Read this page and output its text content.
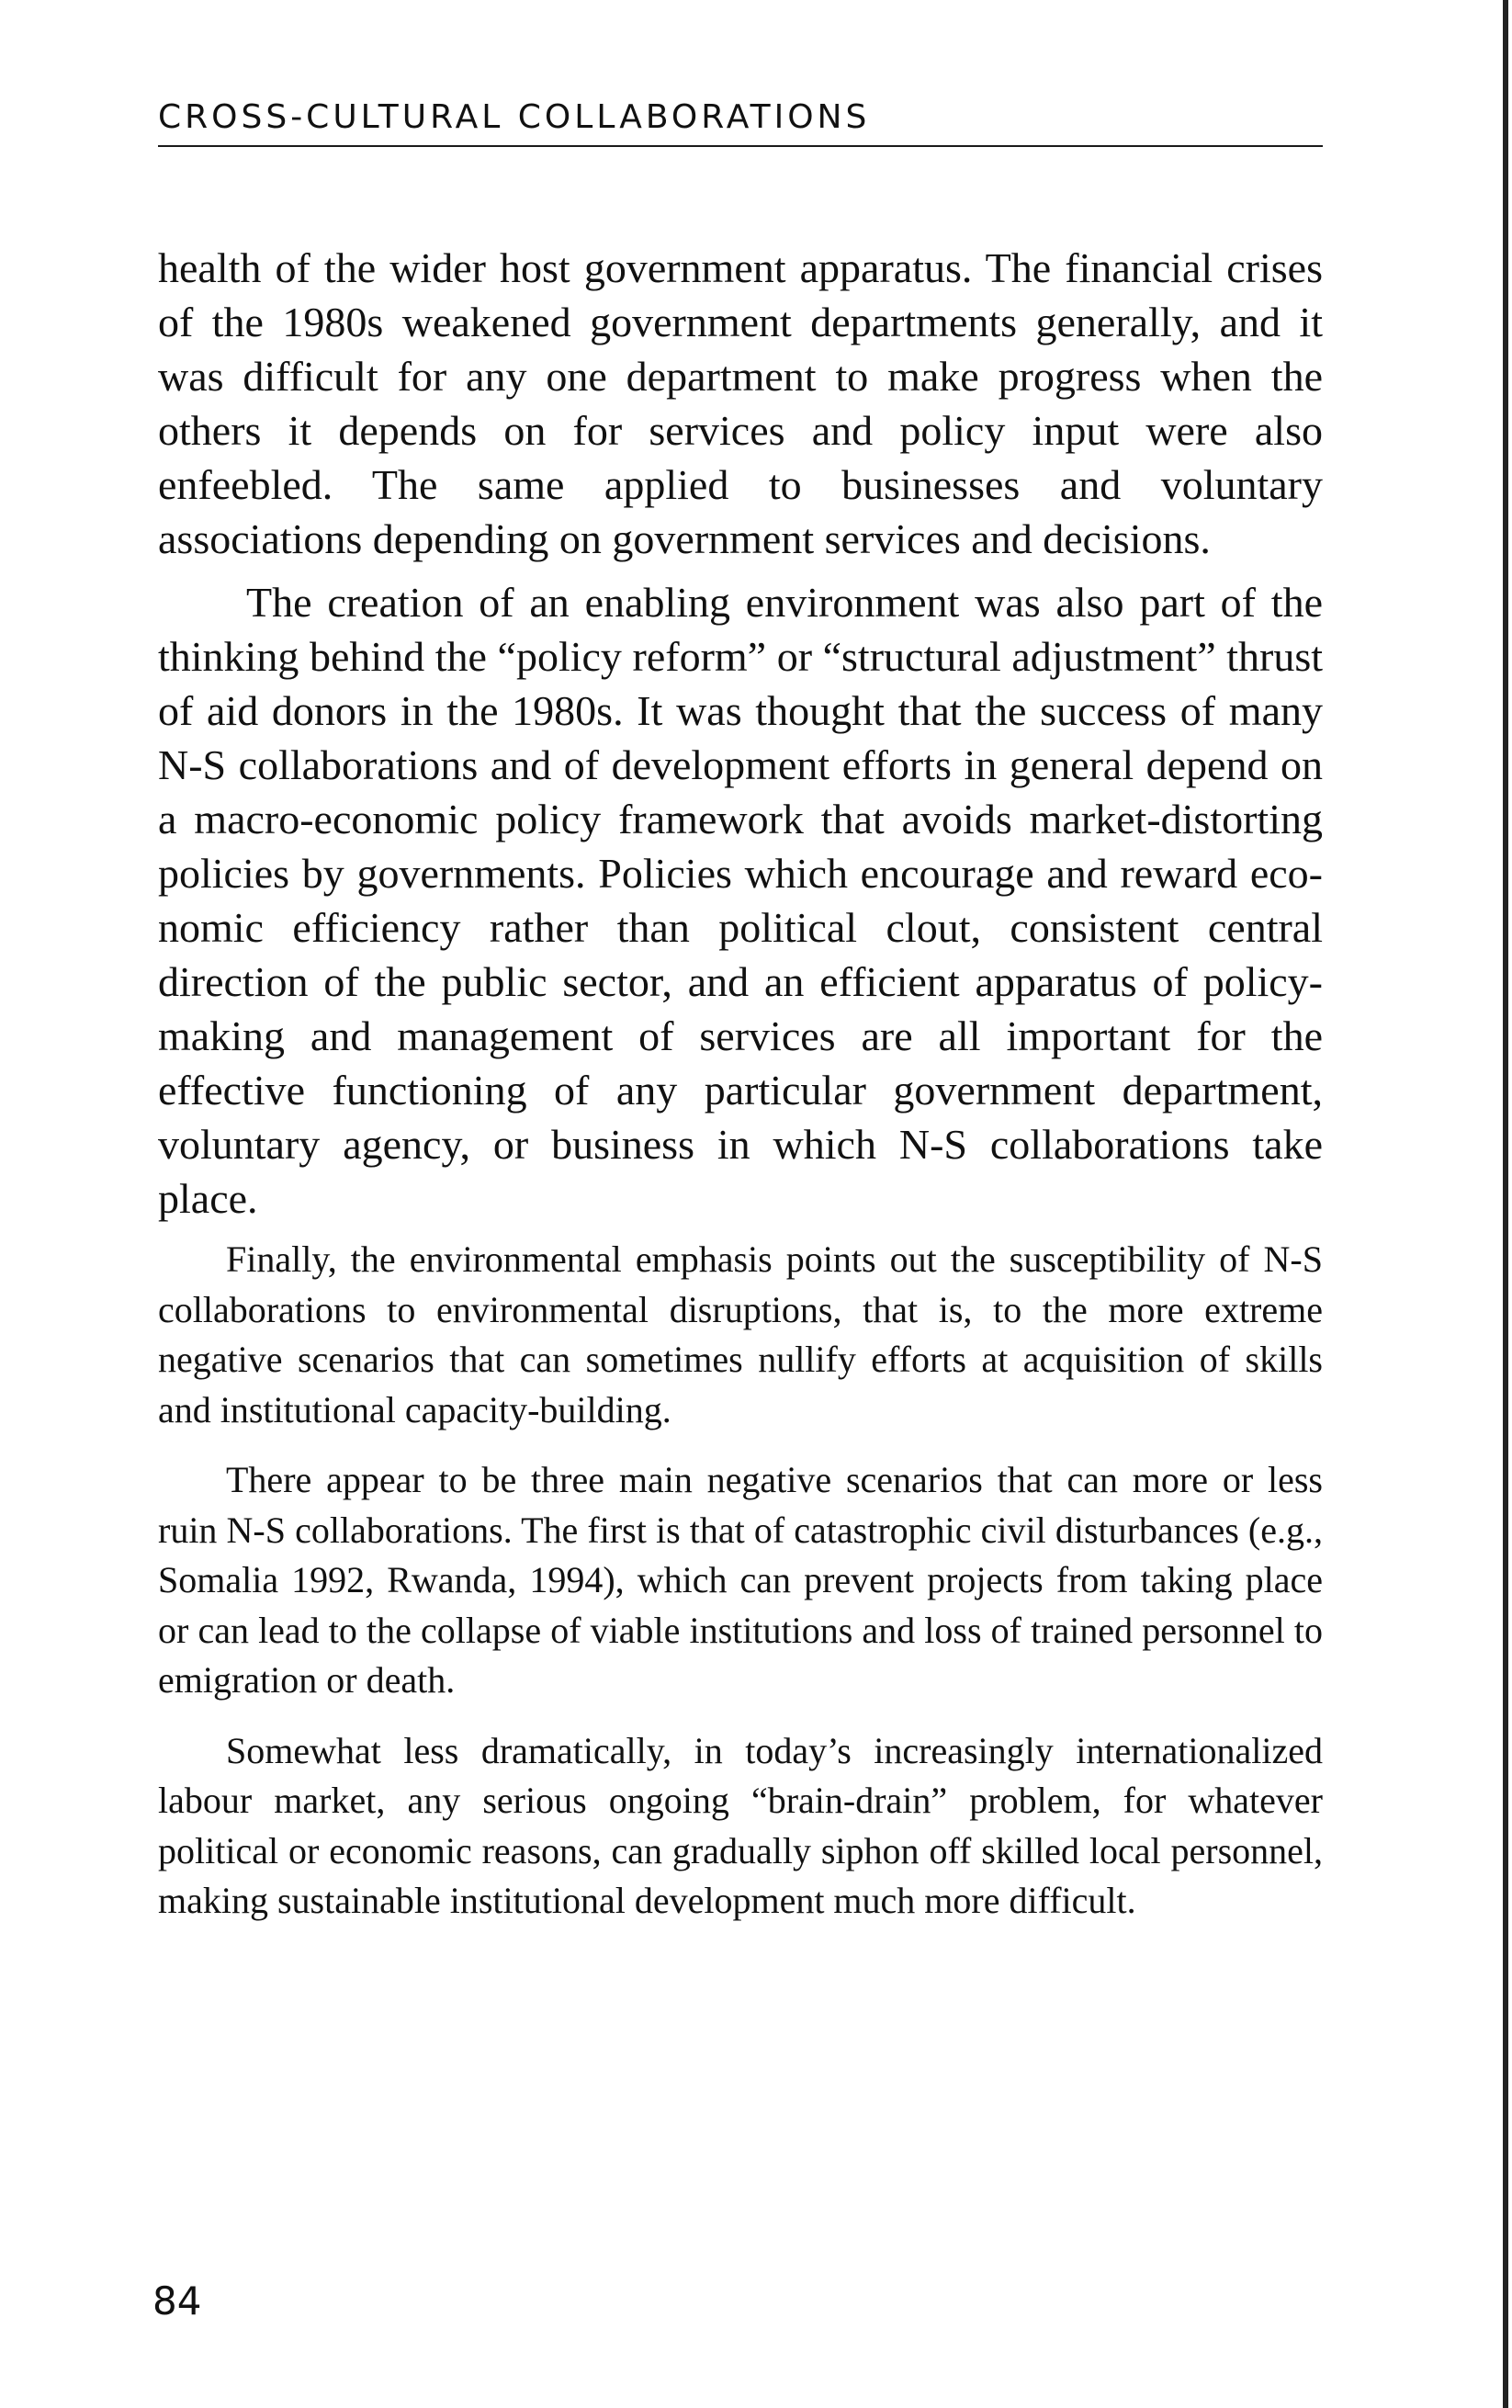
CROSS-CULTURAL COLLABORATIONS

health of the wider host government apparatus. The financial crises of the 1980s weakened government departments generally, and it was difficult for any one department to make progress when the others it depends on for services and policy input were also enfeebled. The same applied to businesses and voluntary associations depending on government services and decisions.

The creation of an enabling environment was also part of the thinking behind the “policy reform” or “structural adjustment” thrust of aid donors in the 1980s. It was thought that the success of many N-S collaborations and of development efforts in general depend on a macro-economic policy framework that avoids market-distorting policies by governments. Policies which encourage and reward economic efficiency rather than political clout, consistent central direction of the public sector, and an efficient apparatus of policy-making and management of services are all important for the effective functioning of any particular government department, voluntary agency, or business in which N-S collaborations take place.

Finally, the environmental emphasis points out the susceptibility of N-S collaborations to environmental disruptions, that is, to the more extreme negative scenarios that can sometimes nullify efforts at acquisition of skills and institutional capacity-building.

There appear to be three main negative scenarios that can more or less ruin N-S collaborations. The first is that of catastrophic civil disturbances (e.g., Somalia 1992, Rwanda, 1994), which can prevent projects from taking place or can lead to the collapse of viable institutions and loss of trained personnel to emigration or death.

Somewhat less dramatically, in today’s increasingly internationalized labour market, any serious ongoing “brain-drain” problem, for whatever political or economic reasons, can gradually siphon off skilled local personnel, making sustainable institutional development much more difficult.

84
